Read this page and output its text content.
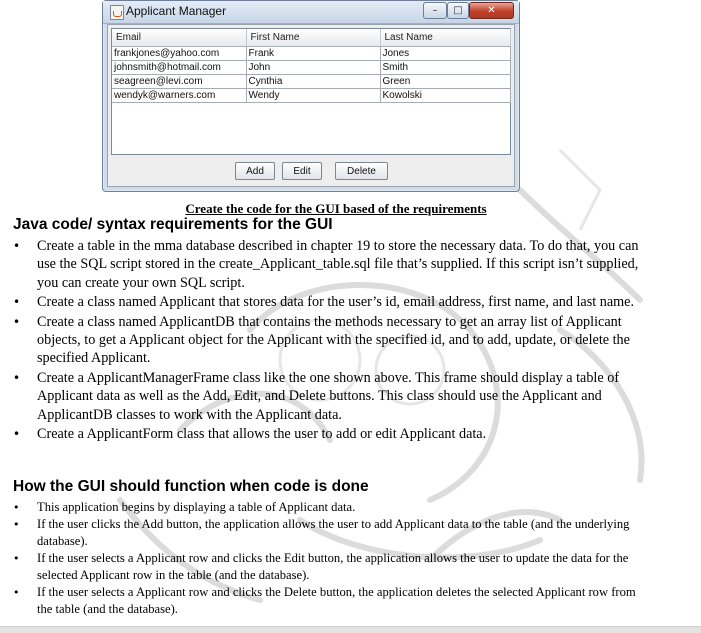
Applicant Manager	–	□	✕
Email	First Name	Last Name
frankjones@yahoo.com	Frank	Jones
johnsmith@hotmail.com	John	Smith
seagreen@levi.com	Cynthia	Green
wendyk@warners.com	Wendy	Kowolski
Add	Edit	Delete
Create the code for the GUI based of the requirements
Java code/ syntax requirements for the GUI
• Create a table in the mma database described in chapter 19 to store the necessary data. To do that, you can use the SQL script stored in the create_Applicant_table.sql file that’s supplied. If this script isn’t supplied, you can create your own SQL script.
• Create a class named Applicant that stores data for the user’s id, email address, first name, and last name.
• Create a class named ApplicantDB that contains the methods necessary to get an array list of Applicant objects, to get a Applicant object for the Applicant with the specified id, and to add, update, or delete the specified Applicant.
• Create a ApplicantManagerFrame class like the one shown above. This frame should display a table of Applicant data as well as the Add, Edit, and Delete buttons. This class should use the Applicant and ApplicantDB classes to work with the Applicant data.
• Create a ApplicantForm class that allows the user to add or edit Applicant data.
How the GUI should function when code is done
• This application begins by displaying a table of Applicant data.
• If the user clicks the Add button, the application allows the user to add Applicant data to the table (and the underlying database).
• If the user selects a Applicant row and clicks the Edit button, the application allows the user to update the data for the selected Applicant row in the table (and the database).
• If the user selects a Applicant row and clicks the Delete button, the application deletes the selected Applicant row from the table (and the database).
